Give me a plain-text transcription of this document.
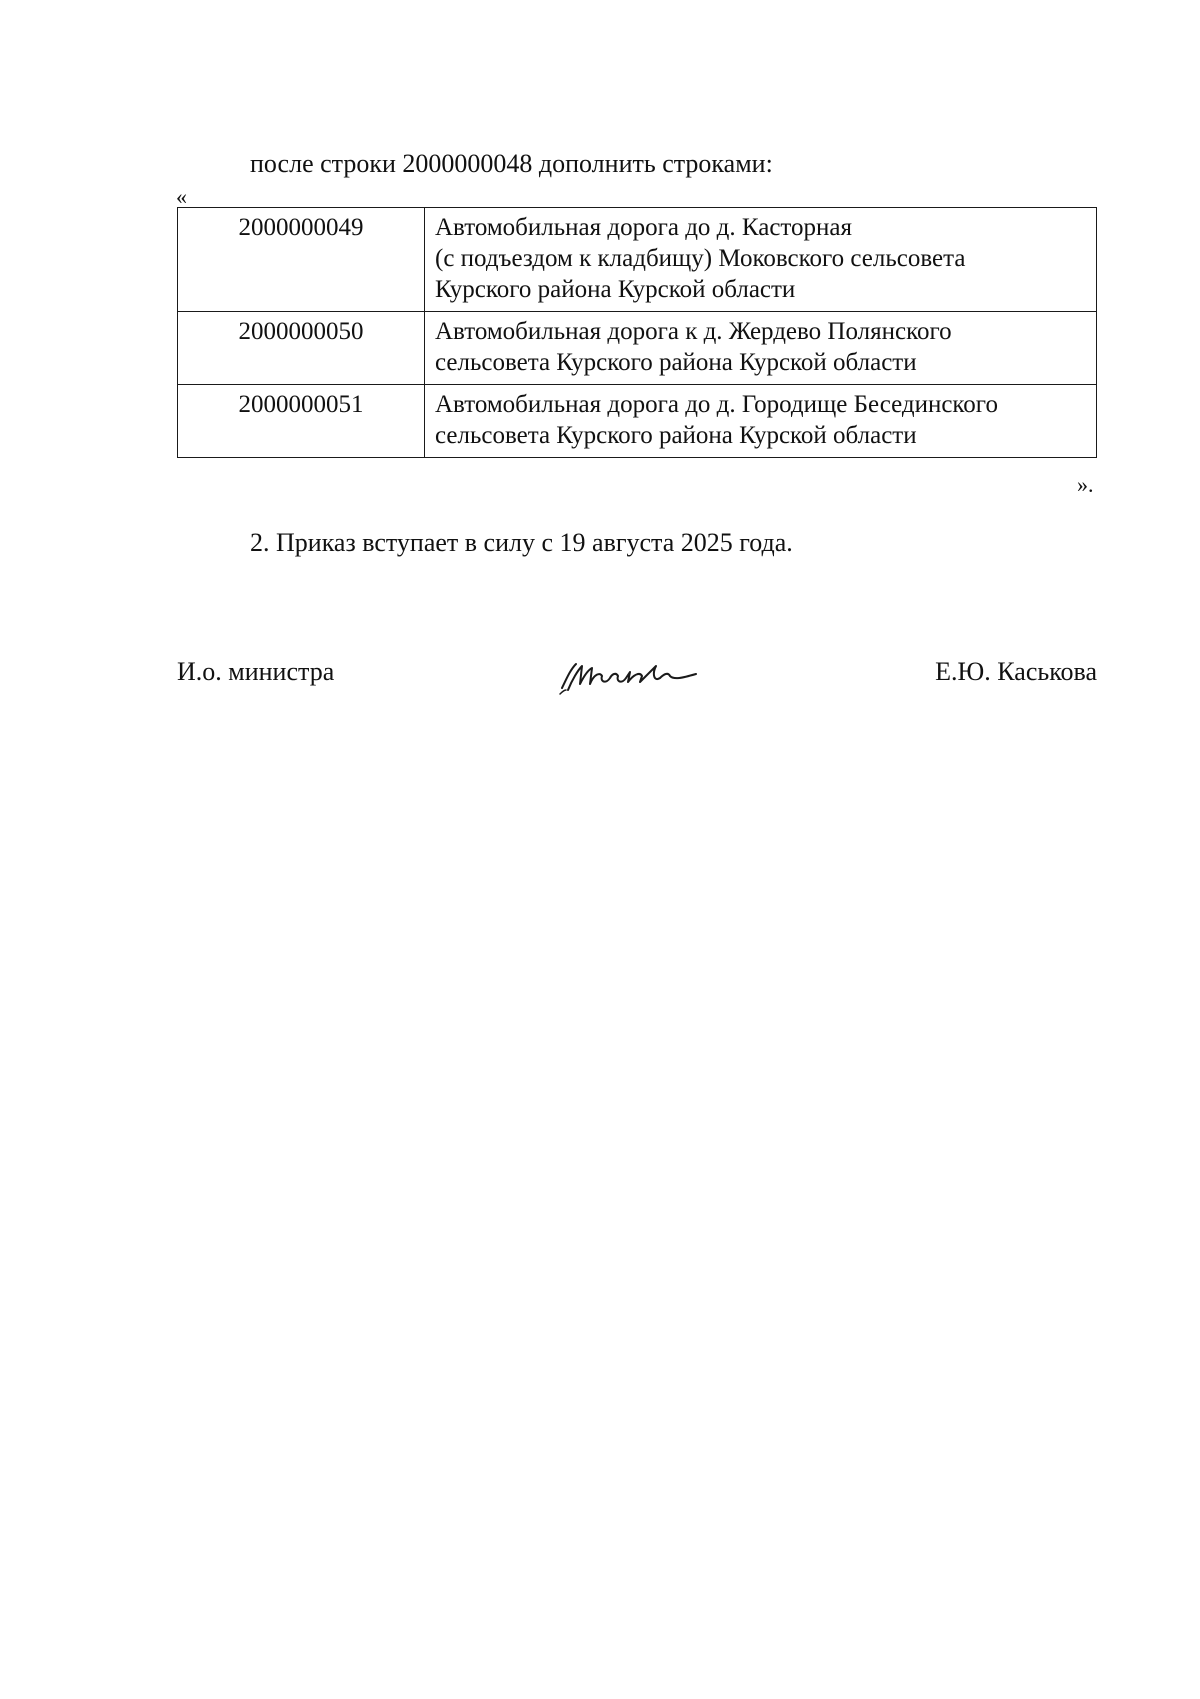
после строки 2000000048 дополнить строками:
«
2000000049	Автомобильная дорога до д. Касторная
(с подъездом к кладбищу) Моковского сельсовета
Курского района Курской области

2000000050	Автомобильная дорога к д. Жердево Полянского
сельсовета Курского района Курской области

2000000051	Автомобильная дорога до д. Городище Бесединского
сельсовета Курского района Курской области
».
2. Приказ вступает в силу с 19 августа 2025 года.
И.о. министра	Е.Ю. Каськова
